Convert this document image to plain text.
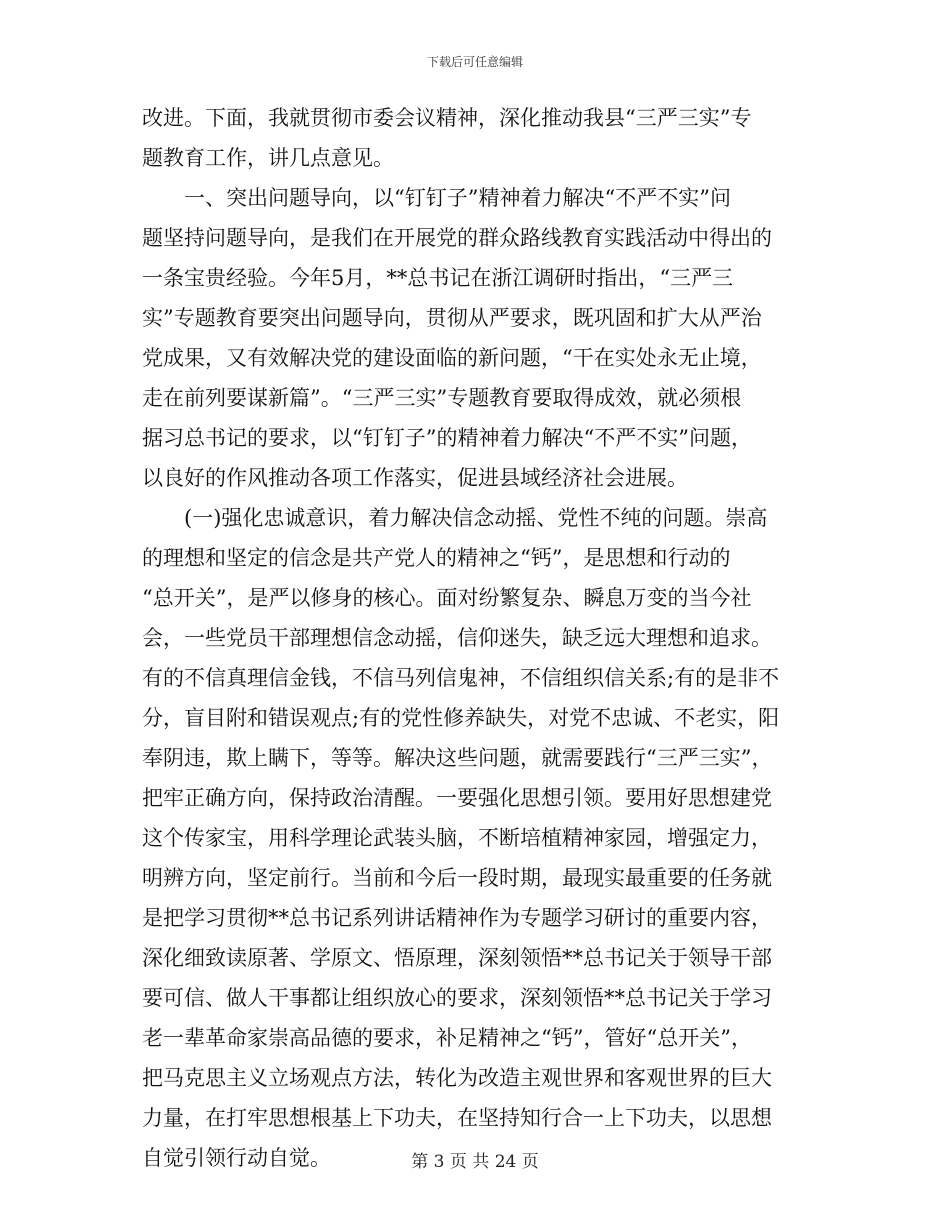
下载后可任意编辑
改进。下面，我就贯彻市委会议精神，深化推动我县“三严三实”专
题教育工作，讲几点意见。
一、突出问题导向，以“钉钉子”精神着力解决“不严不实”问
题坚持问题导向，是我们在开展党的群众路线教育实践活动中得出的
一条宝贵经验。今年5月，**总书记在浙江调研时指出，“三严三
实”专题教育要突出问题导向，贯彻从严要求，既巩固和扩大从严治
党成果，又有效解决党的建设面临的新问题，“干在实处永无止境，
走在前列要谋新篇”。“三严三实”专题教育要取得成效，就必须根
据习总书记的要求，以“钉钉子”的精神着力解决“不严不实”问题，
以良好的作风推动各项工作落实，促进县域经济社会进展。
(一)强化忠诚意识，着力解决信念动摇、党性不纯的问题。崇高
的理想和坚定的信念是共产党人的精神之“钙”，是思想和行动的
“总开关”，是严以修身的核心。面对纷繁复杂、瞬息万变的当今社
会，一些党员干部理想信念动摇，信仰迷失，缺乏远大理想和追求。
有的不信真理信金钱，不信马列信鬼神，不信组织信关系;有的是非不
分，盲目附和错误观点;有的党性修养缺失，对党不忠诚、不老实，阳
奉阴违，欺上瞒下，等等。解决这些问题，就需要践行“三严三实”，
把牢正确方向，保持政治清醒。一要强化思想引领。要用好思想建党
这个传家宝，用科学理论武装头脑，不断培植精神家园，增强定力，
明辨方向，坚定前行。当前和今后一段时期，最现实最重要的任务就
是把学习贯彻**总书记系列讲话精神作为专题学习研讨的重要内容，
深化细致读原著、学原文、悟原理，深刻领悟**总书记关于领导干部
要可信、做人干事都让组织放心的要求，深刻领悟**总书记关于学习
老一辈革命家崇高品德的要求，补足精神之“钙”，管好“总开关”，
把马克思主义立场观点方法，转化为改造主观世界和客观世界的巨大
力量，在打牢思想根基上下功夫，在坚持知行合一上下功夫，以思想
自觉引领行动自觉。	第 3 页 共 24 页
